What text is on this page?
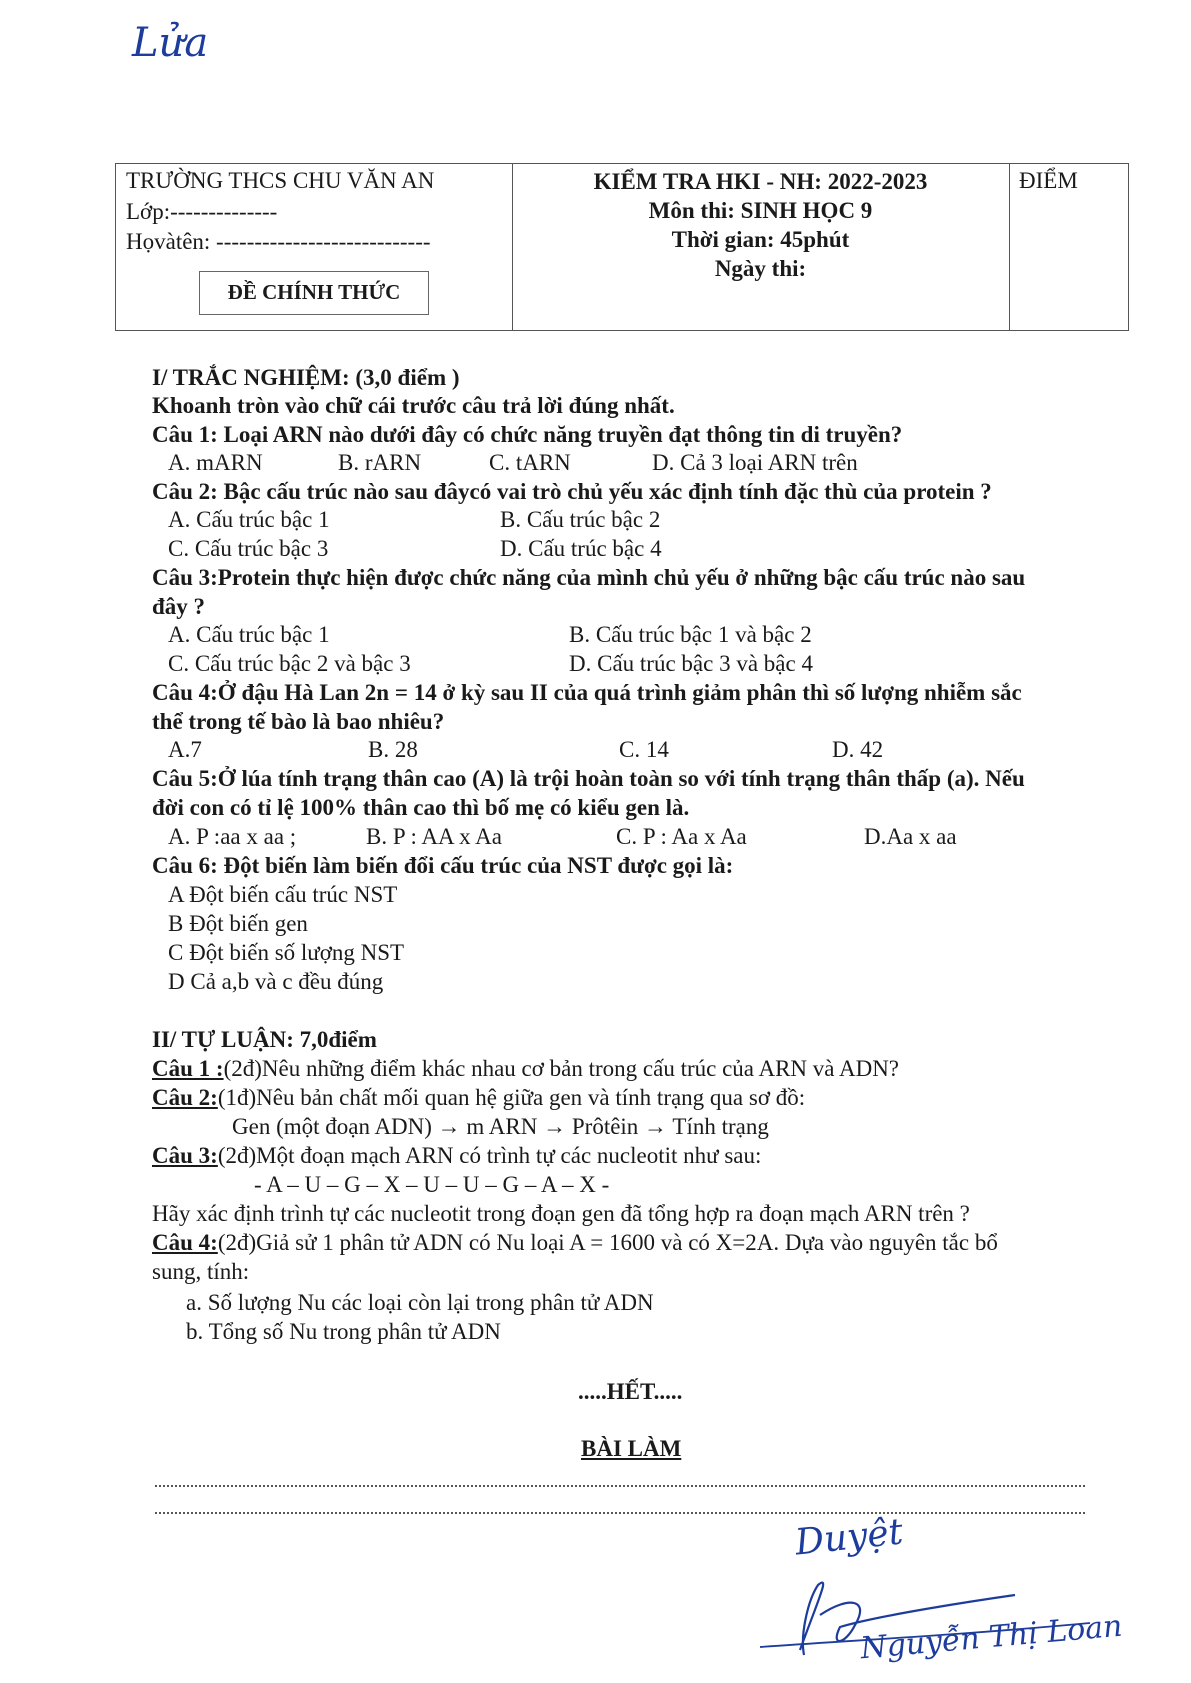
Lửa
TRƯỜNG THCS CHU VĂN AN
Lớp:--------------
Họvàtên: ----------------------------
ĐỀ CHÍNH THỨC
KIỂM TRA HKI - NH: 2022-2023
Môn thi: SINH HỌC 9
Thời gian: 45phút
Ngày thi:
ĐIỂM
I/ TRẮC NGHIỆM: (3,0 điểm )
Khoanh tròn vào chữ cái trước câu trả lời đúng nhất.
Câu 1: Loại ARN nào dưới đây có chức năng truyền đạt thông tin di truyền?
A. mARN	B. rARN	C. tARN	D. Cả 3 loại ARN trên
Câu 2: Bậc cấu trúc nào sau đâycó vai trò chủ yếu xác định tính đặc thù của protein ?
A. Cấu trúc bậc 1	B. Cấu trúc bậc 2
C. Cấu trúc bậc 3	D. Cấu trúc bậc 4
Câu 3:Protein thực hiện được chức năng của mình chủ yếu ở những bậc cấu trúc nào sau
đây ?
A. Cấu trúc bậc 1	B. Cấu trúc bậc 1 và bậc 2
C. Cấu trúc bậc 2 và bậc 3	D. Cấu trúc bậc 3 và bậc 4
Câu 4:Ở đậu Hà Lan 2n = 14 ở kỳ sau II của quá trình giảm phân thì số lượng nhiễm sắc
thể trong tế bào là bao nhiêu?
A.7	B. 28	C. 14	D. 42
Câu 5:Ở lúa tính trạng thân cao (A) là trội hoàn toàn so với tính trạng thân thấp (a). Nếu
đời con có tỉ lệ 100% thân cao thì bố mẹ có kiểu gen là.
A. P :aa x aa ;	B. P : AA x Aa	C. P : Aa x Aa	D.Aa x aa
Câu 6: Đột biến làm biến đổi cấu trúc của NST được gọi là:
A Đột biến cấu trúc NST
B Đột biến gen
C Đột biến số lượng NST
D Cả a,b và c đều đúng
II/ TỰ LUẬN: 7,0điểm
Câu 1 :(2đ)Nêu những điểm khác nhau cơ bản trong cấu trúc của ARN và ADN?
Câu 2:(1đ)Nêu bản chất mối quan hệ giữa gen và tính trạng qua sơ đồ:
Gen (một đoạn ADN) → m ARN → Prôtêin → Tính trạng
Câu 3:(2đ)Một đoạn mạch ARN có trình tự các nucleotit như sau:
- A – U – G – X – U – U – G – A – X -
Hãy xác định trình tự các nucleotit trong đoạn gen đã tổng hợp ra đoạn mạch ARN trên ?
Câu 4:(2đ)Giả sử 1 phân tử ADN có Nu loại A = 1600 và có X=2A. Dựa vào nguyên tắc bổ
sung, tính:
a. Số lượng Nu các loại còn lại trong phân tử ADN
b. Tổng số Nu trong phân tử ADN
.....HẾT.....
BÀI LÀM
Duyệt
Nguyễn Thị Loan
